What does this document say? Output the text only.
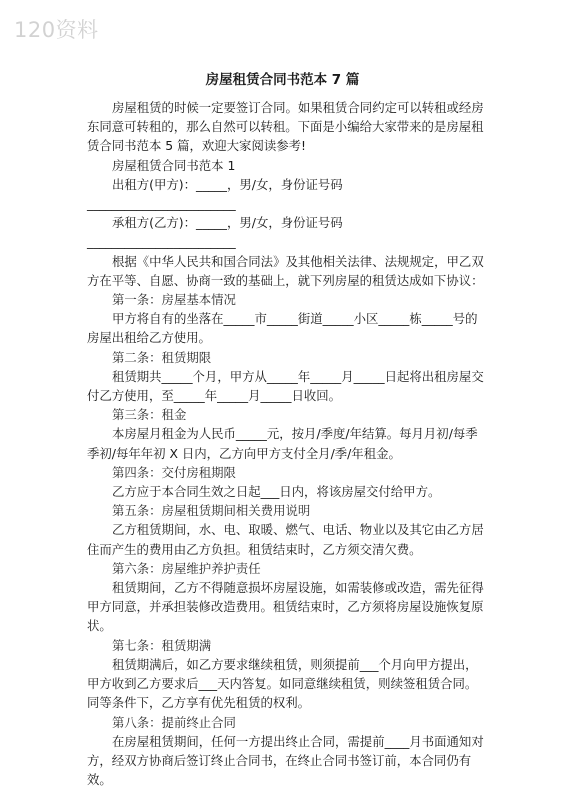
120资料
房屋租赁合同书范本 7 篇

房屋租赁的时候一定要签订合同。如果租赁合同约定可以转租或经房东同意可转租的，那么自然可以转租。下面是小编给大家带来的是房屋租赁合同书范本 5 篇，欢迎大家阅读参考!

房屋租赁合同书范本 1

出租方(甲方)：_____，男/女，身份证号码________________________

承租方(乙方)：_____，男/女，身份证号码________________________

根据《中华人民共和国合同法》及其他相关法律、法规规定，甲乙双方在平等、自愿、协商一致的基础上，就下列房屋的租赁达成如下协议：

第一条：房屋基本情况

甲方将自有的坐落在_____市_____街道_____小区_____栋_____号的房屋出租给乙方使用。

第二条：租赁期限

租赁期共_____个月，甲方从_____年_____月_____日起将出租房屋交付乙方使用，至_____年_____月_____日收回。

第三条：租金

本房屋月租金为人民币_____元，按月/季度/年结算。每月月初/每季季初/每年年初 X 日内，乙方向甲方支付全月/季/年租金。

第四条：交付房租期限

乙方应于本合同生效之日起___日内，将该房屋交付给甲方。

第五条：房屋租赁期间相关费用说明

乙方租赁期间，水、电、取暖、燃气、电话、物业以及其它由乙方居住而产生的费用由乙方负担。租赁结束时，乙方须交清欠费。

第六条：房屋维护养护责任

租赁期间，乙方不得随意损坏房屋设施，如需装修或改造，需先征得甲方同意，并承担装修改造费用。租赁结束时，乙方须将房屋设施恢复原状。

第七条：租赁期满

租赁期满后，如乙方要求继续租赁，则须提前___个月向甲方提出，甲方收到乙方要求后___天内答复。如同意继续租赁，则续签租赁合同。同等条件下，乙方享有优先租赁的权利。

第八条：提前终止合同

在房屋租赁期间，任何一方提出终止合同，需提前____月书面通知对方，经双方协商后签订终止合同书，在终止合同书签订前，本合同仍有效。
